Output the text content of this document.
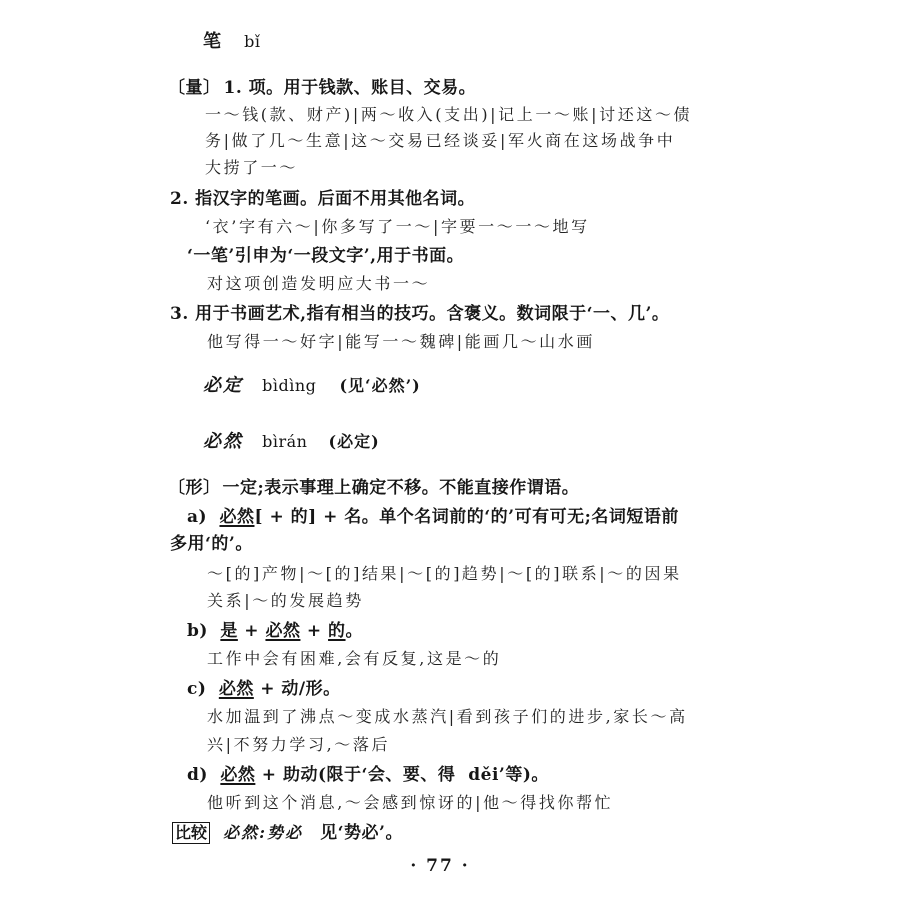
笔 bǐ
〔量〕 1. 项。用于钱款、账目、交易。
一～钱(款、财产)|两～收入(支出)|记上一～账|讨还这～债
务|做了几～生意|这～交易已经谈妥|军火商在这场战争中
大捞了一～
2. 指汉字的笔画。后面不用其他名词。
‘衣’字有六～|你多写了一～|字要一～一～地写
‘一笔’引申为‘一段文字’,用于书面。
对这项创造发明应大书一～
3. 用于书画艺术,指有相当的技巧。含褒义。数词限于‘一、几’。
他写得一～好字|能写一～魏碑|能画几～山水画
必定 bìdìng (见‘必然’)
必然 bìrán (必定)
〔形〕 一定;表示事理上确定不移。不能直接作谓语。
a) 必然[ + 的] + 名。单个名词前的‘的’可有可无;名词短语前
多用‘的’。
～[的]产物|～[的]结果|～[的]趋势|～[的]联系|～的因果
关系|～的发展趋势
b) 是 + 必然 + 的。
工作中会有困难,会有反复,这是～的
c) 必然 + 动/形。
水加温到了沸点～变成水蒸汽|看到孩子们的进步,家长～高
兴|不努力学习,～落后
d) 必然 + 助动(限于‘会、要、得  děi’等)。
他听到这个消息,～会感到惊讶的|他～得找你帮忙
比较 必然:势必 见‘势必’。
· 77 ·
